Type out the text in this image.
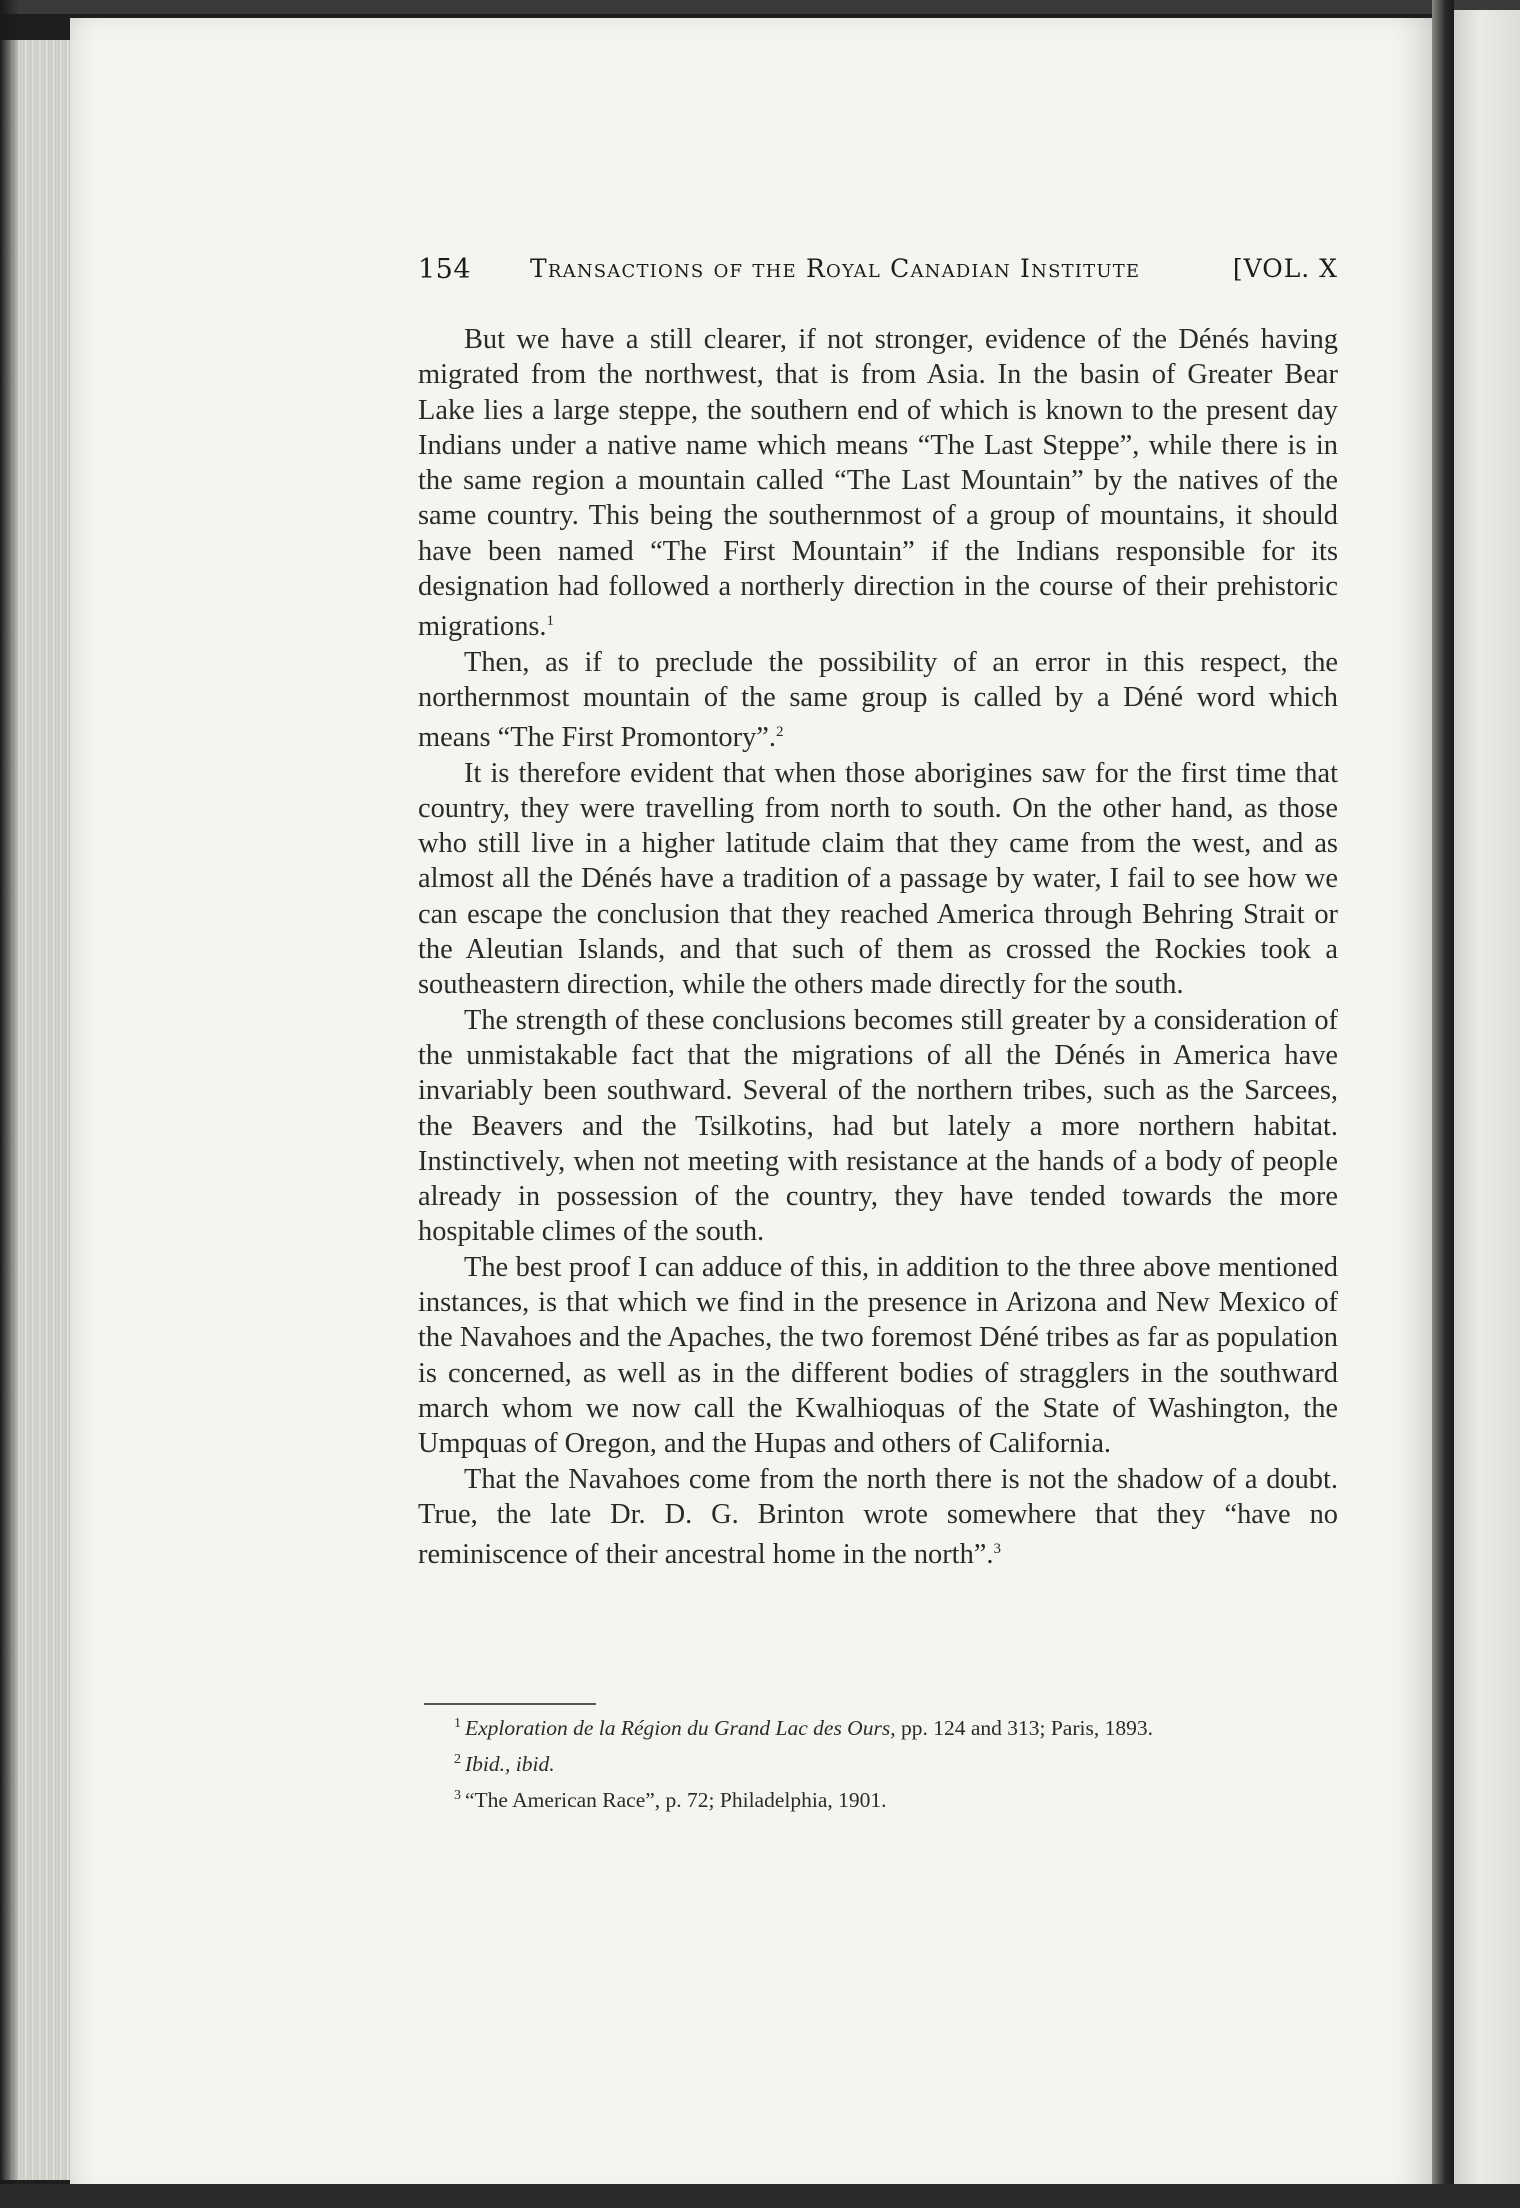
154 Transactions of the Royal Canadian Institute	[VOL. X

But we have a still clearer, if not stronger, evidence of the Dénés having migrated from the northwest, that is from Asia. In the basin of Greater Bear Lake lies a large steppe, the southern end of which is known to the present day Indians under a native name which means “The Last Steppe”, while there is in the same region a mountain called “The Last Mountain” by the natives of the same country. This being the southernmost of a group of mountains, it should have been named “The First Mountain” if the Indians responsible for its designation had followed a northerly direction in the course of their prehistoric migrations.$^1$

Then, as if to preclude the possibility of an error in this respect, the northernmost mountain of the same group is called by a Déné word which means “The First Promontory”.$^2$

It is therefore evident that when those aborigines saw for the first time that country, they were travelling from north to south. On the other hand, as those who still live in a higher latitude claim that they came from the west, and as almost all the Dénés have a tradition of a passage by water, I fail to see how we can escape the conclusion that they reached America through Behring Strait or the Aleutian Islands, and that such of them as crossed the Rockies took a southeastern direction, while the others made directly for the south.

The strength of these conclusions becomes still greater by a consideration of the unmistakable fact that the migrations of all the Dénés in America have invariably been southward. Several of the northern tribes, such as the Sarcees, the Beavers and the Tsilkotins, had but lately a more northern habitat. Instinctively, when not meeting with resistance at the hands of a body of people already in possession of the country, they have tended towards the more hospitable climes of the south.

The best proof I can adduce of this, in addition to the three above mentioned instances, is that which we find in the presence in Arizona and New Mexico of the Navahoes and the Apaches, the two foremost Déné tribes as far as population is concerned, as well as in the different bodies of stragglers in the southward march whom we now call the Kwalhioquas of the State of Washington, the Umpquas of Oregon, and the Hupas and others of California.

That the Navahoes come from the north there is not the shadow of a doubt. True, the late Dr. D. G. Brinton wrote somewhere that they “have no reminiscence of their ancestral home in the north”.$^3$

$^1$ Exploration de la Région du Grand Lac des Ours, pp. 124 and 313; Paris, 1893.

$^2$ Ibid., ibid.

$^3$ “The American Race”, p. 72; Philadelphia, 1901.
